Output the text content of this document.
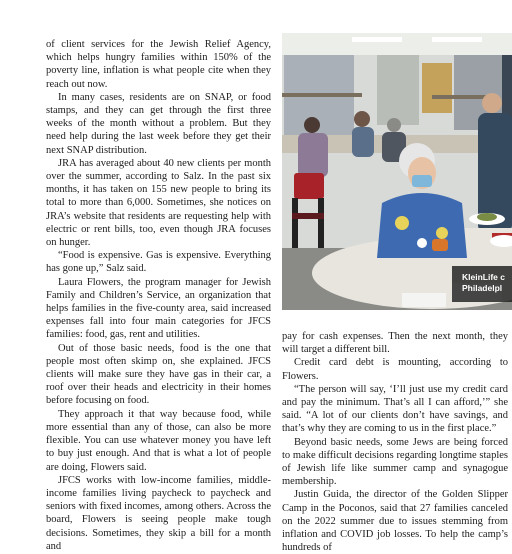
of client services for the Jewish Relief Agency, which helps hungry families within 150% of the poverty line, inflation is what people cite when they reach out now.

In many cases, residents are on SNAP, or food stamps, and they can get through the first three weeks of the month without a problem. But they need help during the last week before they get their next SNAP distribution.

JRA has averaged about 40 new clients per month over the summer, according to Salz. In the past six months, it has taken on 155 new people to bring its total to more than 6,000. Sometimes, she notices on JRA’s website that residents are requesting help with electric or rent bills, too, even though JRA focuses on hunger.

“Food is expensive. Gas is expensive. Everything has gone up,” Salz said.

Laura Flowers, the program manager for Jewish Family and Children’s Service, an organization that helps families in the five-county area, said increased expenses fall into four main categories for JFCS families: food, gas, rent and utilities.

Out of those basic needs, food is the one that people most often skimp on, she explained. JFCS clients will make sure they have gas in their car, a roof over their heads and electricity in their homes before focusing on food.

They approach it that way because food, while more essential than any of those, can also be more flexible. You can use whatever money you have left to buy just enough. And that is what a lot of people are doing, Flowers said.

JFCS works with low-income families, middle-income families living paycheck to paycheck and seniors with fixed incomes, among others. Across the board, Flowers is seeing people make tough decisions. Sometimes, they skip a bill for a month and

KleinLife c
Philadelpl

pay for cash expenses. Then the next month, they will target a different bill.

Credit card debt is mounting, according to Flowers.

“The person will say, ‘I’ll just use my credit card and pay the minimum. That’s all I can afford,’” she said. “A lot of our clients don’t have savings, and that’s why they are coming to us in the first place.”

Beyond basic needs, some Jews are being forced to make difficult decisions regarding longtime staples of Jewish life like summer camp and synagogue membership.

Justin Guida, the director of the Golden Slipper Camp in the Poconos, said that 27 families canceled on the 2022 summer due to issues stemming from inflation and COVID job losses. To help the camp’s hundreds of
